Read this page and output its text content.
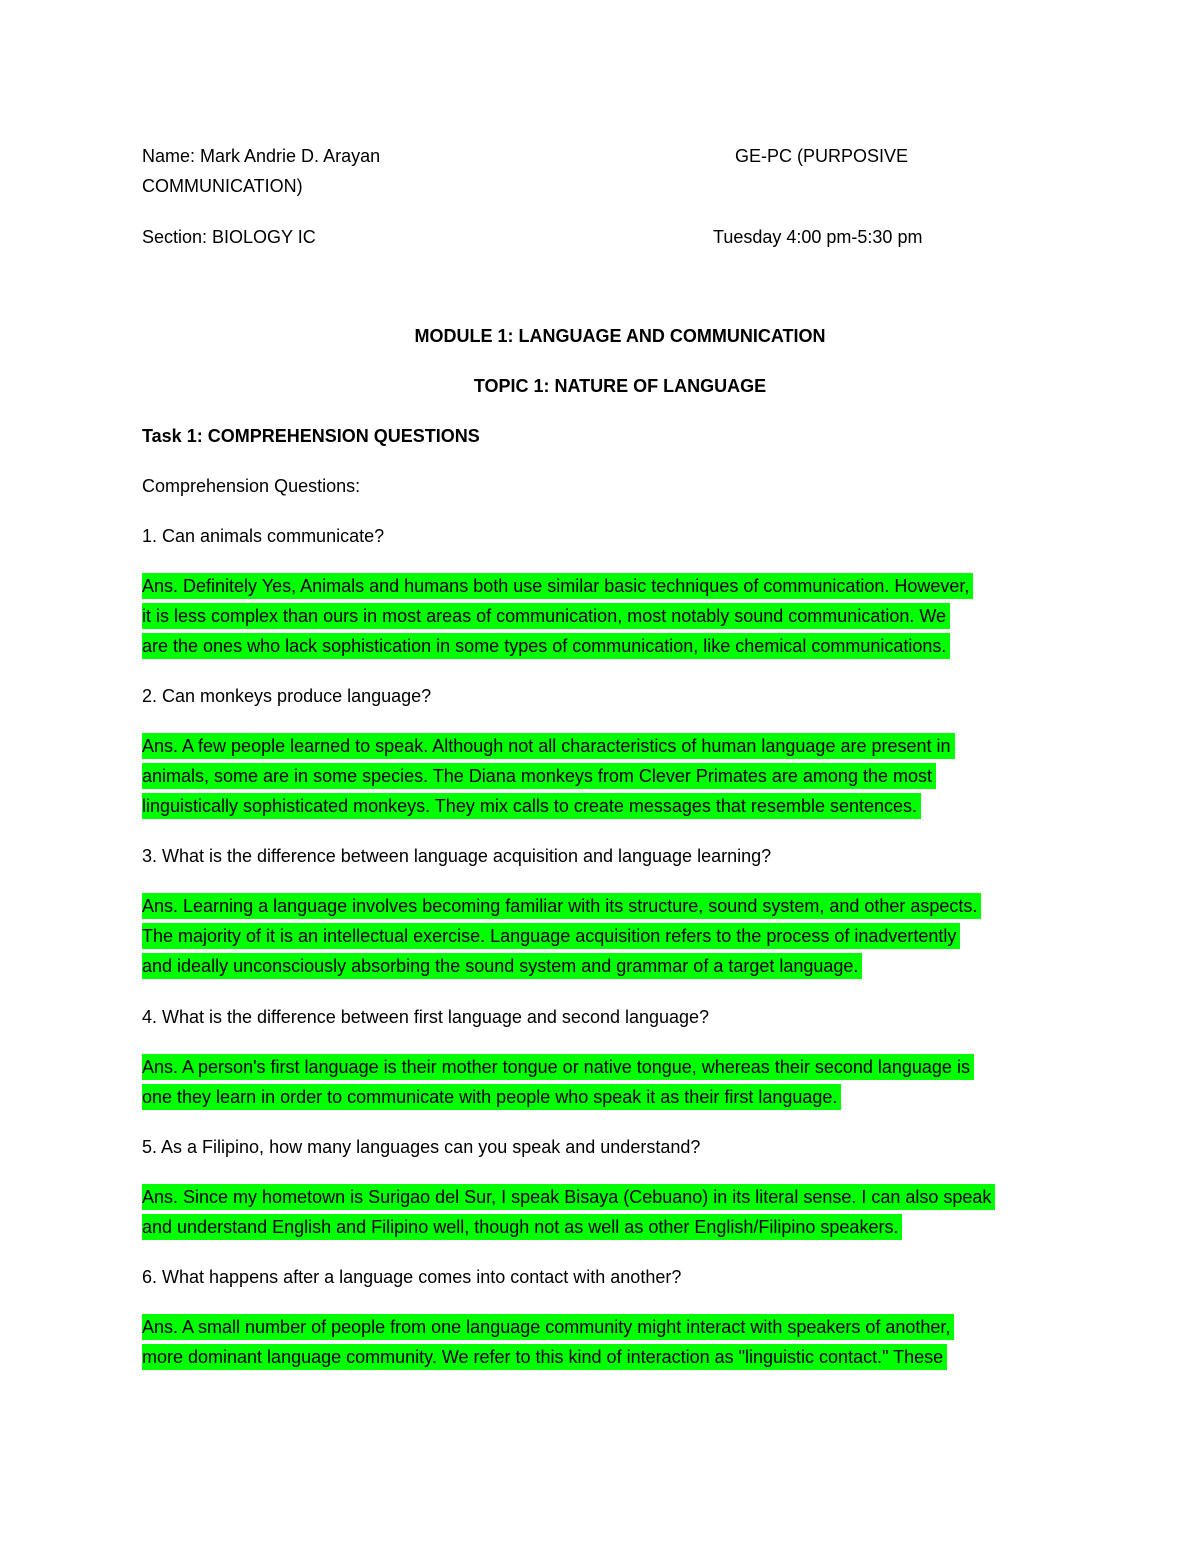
Name: Mark Andrie D. Arayan	GE-PC (PURPOSIVE
COMMUNICATION)
Section: BIOLOGY IC	Tuesday 4:00 pm-5:30 pm
MODULE 1: LANGUAGE AND COMMUNICATION
TOPIC 1: NATURE OF LANGUAGE
Task 1: COMPREHENSION QUESTIONS
Comprehension Questions:
1. Can animals communicate?
Ans. Definitely Yes, Animals and humans both use similar basic techniques of communication. However,
it is less complex than ours in most areas of communication, most notably sound communication. We
are the ones who lack sophistication in some types of communication, like chemical communications.
2. Can monkeys produce language?
Ans. A few people learned to speak. Although not all characteristics of human language are present in
animals, some are in some species. The Diana monkeys from Clever Primates are among the most
linguistically sophisticated monkeys. They mix calls to create messages that resemble sentences.
3. What is the difference between language acquisition and language learning?
Ans. Learning a language involves becoming familiar with its structure, sound system, and other aspects.
The majority of it is an intellectual exercise. Language acquisition refers to the process of inadvertently
and ideally unconsciously absorbing the sound system and grammar of a target language.
4. What is the difference between first language and second language?
Ans. A person's first language is their mother tongue or native tongue, whereas their second language is
one they learn in order to communicate with people who speak it as their first language.
5. As a Filipino, how many languages can you speak and understand?
Ans. Since my hometown is Surigao del Sur, I speak Bisaya (Cebuano) in its literal sense. I can also speak
and understand English and Filipino well, though not as well as other English/Filipino speakers.
6. What happens after a language comes into contact with another?
Ans. A small number of people from one language community might interact with speakers of another,
more dominant language community. We refer to this kind of interaction as "linguistic contact." These
